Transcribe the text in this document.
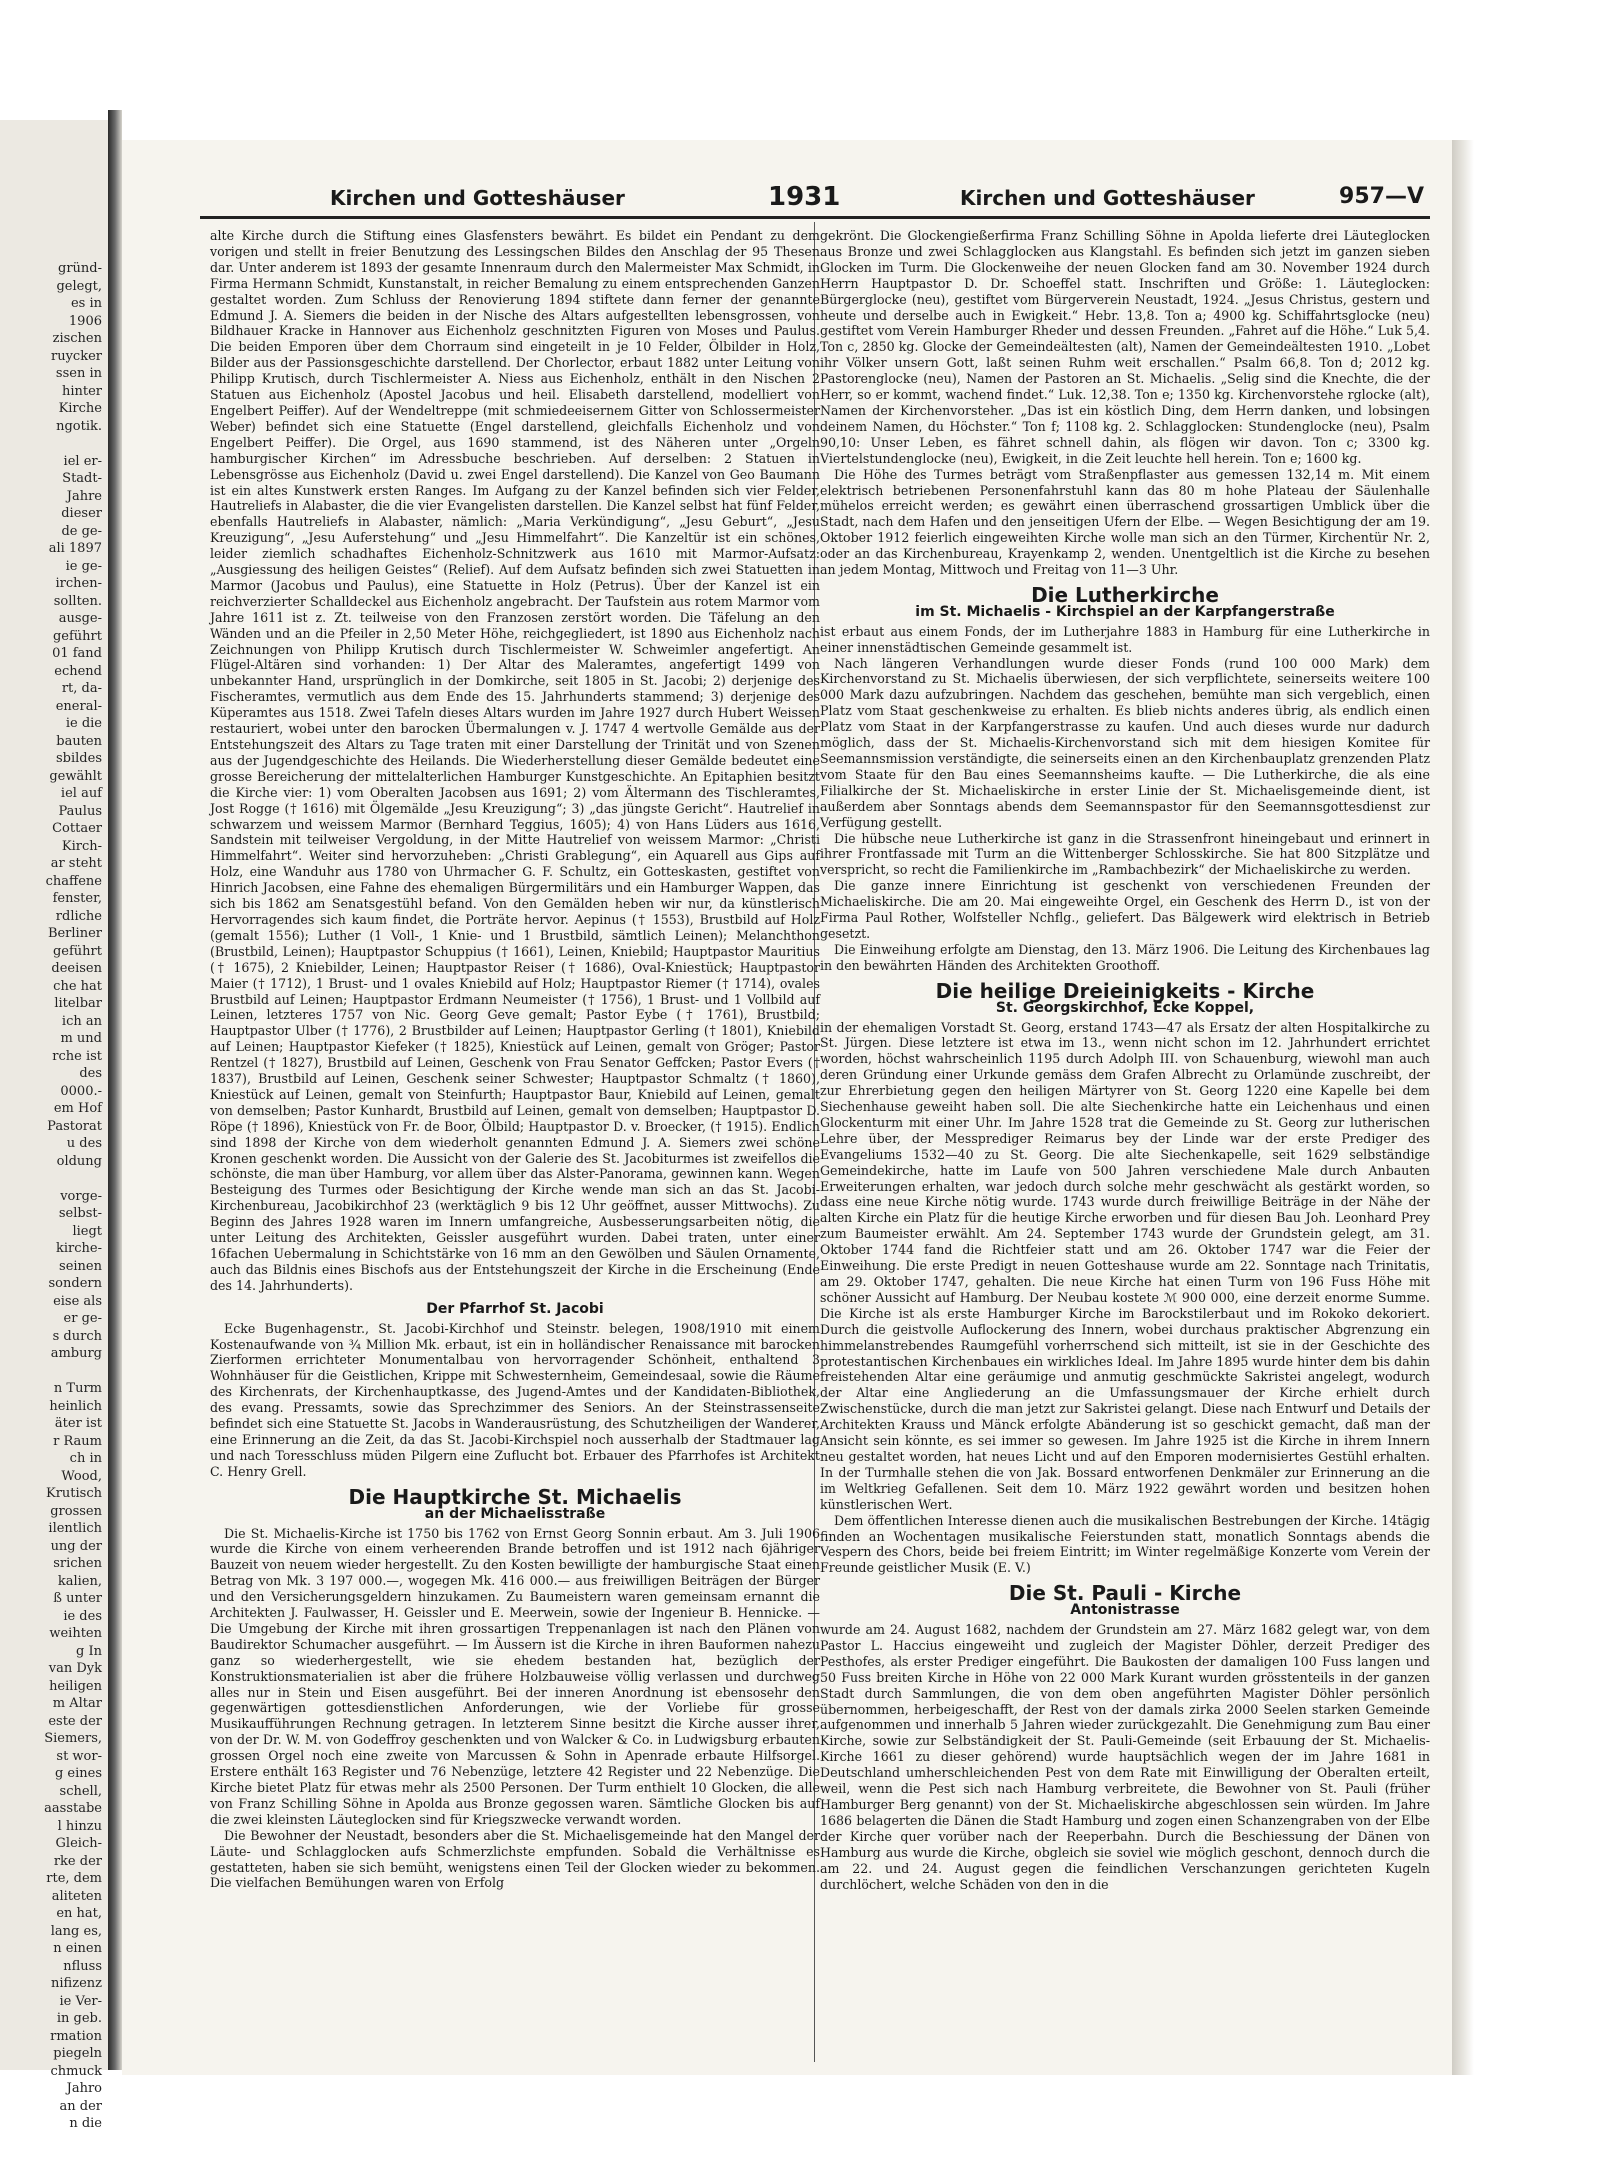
gründ-
gelegt,
es in
1906
zischen
ruycker
ssen in
hinter
Kirche
ngotik.

iel er-
Stadt-
Jahre
dieser
de ge-
ali 1897
ie ge-
irchen-
sollten.
ausge-
geführt
01 fand
echend
rt, da-
eneral-
ie die
bauten
sbildes
gewählt
iel auf
Paulus
Cottaer
Kirch-
ar steht
chaffene
fenster,
rdliche
Berliner
geführt
deeisen
che hat
litelbar
ich an
m und
rche ist
des
0000.-
em Hof
Pastorat
u des
oldung

vorge-
selbst-
liegt
kirche-
seinen
sondern
eise als
er ge-
s durch
amburg

n Turm
heinlich
äter ist
r Raum
ch in
Wood,
Krutisch
grossen
ilentlich
ung der
srichen
kalien,
ß unter
ie des
weihten
g In
van Dyk
heiligen
m Altar
este der
Siemers,
st wor-
g eines
schell,
aasstabe
l hinzu
Gleich-
rke der
rte, dem
aliteten
en hat,
lang es,
n einen
nfluss
nifizenz
ie Ver-
in geb.
rmation
piegeln
chmuck
Jahro
an der
n die
Kirchen und Gotteshäuser	1931	Kirchen und Gotteshäuser	957—V

alte Kirche durch die Stiftung eines Glasfensters bewährt. Es bildet ein Pendant zu dem vorigen und stellt in freier Benutzung des Lessingschen Bildes den Anschlag der 95 Thesen dar. Unter anderem ist 1893 der gesamte Innenraum durch den Malermeister Max Schmidt, in Firma Hermann Schmidt, Kunstanstalt, in reicher Bemalung zu einem entsprechenden Ganzen gestaltet worden. Zum Schluss der Renovierung 1894 stiftete dann ferner der genannte Edmund J. A. Siemers die beiden in der Nische des Altars aufgestellten lebensgrossen, von Bildhauer Kracke in Hannover aus Eichenholz geschnitzten Figuren von Moses und Paulus. Die beiden Emporen über dem Chorraum sind eingeteilt in je 10 Felder, Ölbilder in Holz, Bilder aus der Passionsgeschichte darstellend. Der Chorlector, erbaut 1882 unter Leitung von Philipp Krutisch, durch Tischlermeister A. Niess aus Eichenholz, enthält in den Nischen 2 Statuen aus Eichenholz (Apostel Jacobus und heil. Elisabeth darstellend, modelliert von Engelbert Peiffer). Auf der Wendeltreppe (mit schmiedeeisernem Gitter von Schlossermeister Weber) befindet sich eine Statuette (Engel darstellend, gleichfalls Eichenholz und von Engelbert Peiffer). Die Orgel, aus 1690 stammend, ist des Näheren unter „Orgeln hamburgischer Kirchen“ im Adressbuche beschrieben. Auf derselben: 2 Statuen in Lebensgrösse aus Eichenholz (David u. zwei Engel darstellend). Die Kanzel von Geo Baumann ist ein altes Kunstwerk ersten Ranges. Im Aufgang zu der Kanzel befinden sich vier Felder, Hautreliefs in Alabaster, die die vier Evangelisten darstellen. Die Kanzel selbst hat fünf Felder, ebenfalls Hautreliefs in Alabaster, nämlich: „Maria Verkündigung“, „Jesu Geburt“, „Jesu Kreuzigung“, „Jesu Auferstehung“ und „Jesu Himmelfahrt“. Die Kanzeltür ist ein schönes, leider ziemlich schadhaftes Eichenholz-Schnitzwerk aus 1610 mit Marmor-Aufsatz: „Ausgiessung des heiligen Geistes“ (Relief). Auf dem Aufsatz befinden sich zwei Statuetten in Marmor (Jacobus und Paulus), eine Statuette in Holz (Petrus). Über der Kanzel ist ein reichverzierter Schalldeckel aus Eichenholz angebracht. Der Taufstein aus rotem Marmor vom Jahre 1611 ist z. Zt. teilweise von den Franzosen zerstört worden. Die Täfelung an den Wänden und an die Pfeiler in 2,50 Meter Höhe, reichgegliedert, ist 1890 aus Eichenholz nach Zeichnungen von Philipp Krutisch durch Tischlermeister W. Schweimler angefertigt. An Flügel-Altären sind vorhanden: 1) Der Altar des Maleramtes, angefertigt 1499 von unbekannter Hand, ursprünglich in der Domkirche, seit 1805 in St. Jacobi; 2) derjenige des Fischeramtes, vermutlich aus dem Ende des 15. Jahrhunderts stammend; 3) derjenige des Küperamtes aus 1518. Zwei Tafeln dieses Altars wurden im Jahre 1927 durch Hubert Weissen restauriert, wobei unter den barocken Übermalungen v. J. 1747 4 wertvolle Gemälde aus der Entstehungszeit des Altars zu Tage traten mit einer Darstellung der Trinität und von Szenen aus der Jugendgeschichte des Heilands. Die Wiederherstellung dieser Gemälde bedeutet eine grosse Bereicherung der mittelalterlichen Hamburger Kunstgeschichte. An Epitaphien besitzt die Kirche vier: 1) vom Oberalten Jacobsen aus 1691; 2) vom Ältermann des Tischleramtes, Jost Rogge († 1616) mit Ölgemälde „Jesu Kreuzigung“; 3) „das jüngste Gericht“. Hautrelief in schwarzem und weissem Marmor (Bernhard Teggius, 1605); 4) von Hans Lüders aus 1616, Sandstein mit teilweiser Vergoldung, in der Mitte Hautrelief von weissem Marmor: „Christi Himmelfahrt“. Weiter sind hervorzuheben: „Christi Grablegung“, ein Aquarell aus Gips auf Holz, eine Wanduhr aus 1780 von Uhrmacher G. F. Schultz, ein Gotteskasten, gestiftet von Hinrich Jacobsen, eine Fahne des ehemaligen Bürgermilitärs und ein Hamburger Wappen, das sich bis 1862 am Senatsgestühl befand. Von den Gemälden heben wir nur, da künstlerisch Hervorragendes sich kaum findet, die Porträte hervor. Aepinus († 1553), Brustbild auf Holz (gemalt 1556); Luther (1 Voll-, 1 Knie- und 1 Brustbild, sämtlich Leinen); Melanchthon (Brustbild, Leinen); Hauptpastor Schuppius († 1661), Leinen, Kniebild; Hauptpastor Mauritius († 1675), 2 Kniebilder, Leinen; Hauptpastor Reiser († 1686), Oval-Kniestück; Hauptpastor Maier († 1712), 1 Brust- und 1 ovales Kniebild auf Holz; Hauptpastor Riemer († 1714), ovales Brustbild auf Leinen; Hauptpastor Erdmann Neumeister († 1756), 1 Brust- und 1 Vollbild auf Leinen, letzteres 1757 von Nic. Georg Geve gemalt; Pastor Eybe († 1761), Brustbild; Hauptpastor Ulber († 1776), 2 Brustbilder auf Leinen; Hauptpastor Gerling († 1801), Kniebild auf Leinen; Hauptpastor Kiefeker († 1825), Kniestück auf Leinen, gemalt von Gröger; Pastor Rentzel († 1827), Brustbild auf Leinen, Geschenk von Frau Senator Geffcken; Pastor Evers († 1837), Brustbild auf Leinen, Geschenk seiner Schwester; Hauptpastor Schmaltz († 1860), Kniestück auf Leinen, gemalt von Steinfurth; Hauptpastor Baur, Kniebild auf Leinen, gemalt von demselben; Pastor Kunhardt, Brustbild auf Leinen, gemalt von demselben; Hauptpastor D. Röpe († 1896), Kniestück von Fr. de Boor, Ölbild; Hauptpastor D. v. Broecker, († 1915). Endlich sind 1898 der Kirche von dem wiederholt genannten Edmund J. A. Siemers zwei schöne Kronen geschenkt worden. Die Aussicht von der Galerie des St. Jacobiturmes ist zweifellos die schönste, die man über Hamburg, vor allem über das Alster-Panorama, gewinnen kann. Wegen Besteigung des Turmes oder Besichtigung der Kirche wende man sich an das St. Jacobi-Kirchenbureau, Jacobikirchhof 23 (werktäglich 9 bis 12 Uhr geöffnet, ausser Mittwochs). Zu Beginn des Jahres 1928 waren im Innern umfangreiche, Ausbesserungsarbeiten nötig, die unter Leitung des Architekten, Geissler ausgeführt wurden. Dabei traten, unter einer 16fachen Uebermalung in Schichtstärke von 16 mm an den Gewölben und Säulen Ornamente, auch das Bildnis eines Bischofs aus der Entstehungszeit der Kirche in die Erscheinung (Ende des 14. Jahrhunderts).

Der Pfarrhof St. Jacobi

Ecke Bugenhagenstr., St. Jacobi-Kirchhof und Steinstr. belegen, 1908/1910 mit einem Kostenaufwande von ¾ Million Mk. erbaut, ist ein in holländischer Renaissance mit barocken Zierformen errichteter Monumentalbau von hervorragender Schönheit, enthaltend 3 Wohnhäuser für die Geistlichen, Krippe mit Schwesternheim, Gemeindesaal, sowie die Räume des Kirchenrats, der Kirchenhauptkasse, des Jugend-Amtes und der Kandidaten-Bibliothek, des evang. Pressamts, sowie das Sprechzimmer des Seniors. An der Steinstrassenseite befindet sich eine Statuette St. Jacobs in Wanderausrüstung, des Schutzheiligen der Wanderer, eine Erinnerung an die Zeit, da das St. Jacobi-Kirchspiel noch ausserhalb der Stadtmauer lag und nach Toresschluss müden Pilgern eine Zuflucht bot. Erbauer des Pfarrhofes ist Architekt C. Henry Grell.

Die Hauptkirche St. Michaelis
an der Michaelisstraße

Die St. Michaelis-Kirche ist 1750 bis 1762 von Ernst Georg Sonnin erbaut. Am 3. Juli 1906 wurde die Kirche von einem verheerenden Brande betroffen und ist 1912 nach 6jähriger Bauzeit von neuem wieder hergestellt. Zu den Kosten bewilligte der hamburgische Staat einen Betrag von Mk. 3 197 000.—, wogegen Mk. 416 000.— aus freiwilligen Beiträgen der Bürger und den Versicherungsgeldern hinzukamen. Zu Baumeistern waren gemeinsam ernannt die Architekten J. Faulwasser, H. Geissler und E. Meerwein, sowie der Ingenieur B. Hennicke. — Die Umgebung der Kirche mit ihren grossartigen Treppenanlagen ist nach den Plänen von Baudirektor Schumacher ausgeführt. — Im Äussern ist die Kirche in ihren Bauformen nahezu ganz so wiederhergestellt, wie sie ehedem bestanden hat, bezüglich der Konstruktionsmaterialien ist aber die frühere Holzbauweise völlig verlassen und durchweg alles nur in Stein und Eisen ausgeführt. Bei der inneren Anordnung ist ebensosehr den gegenwärtigen gottesdienstlichen Anforderungen, wie der Vorliebe für grosse Musikaufführungen Rechnung getragen. In letzterem Sinne besitzt die Kirche ausser ihrer, von der Dr. W. M. von Godeffroy geschenkten und von Walcker & Co. in Ludwigsburg erbauten grossen Orgel noch eine zweite von Marcussen & Sohn in Apenrade erbaute Hilfsorgel. Erstere enthält 163 Register und 76 Nebenzüge, letztere 42 Register und 22 Nebenzüge. Die Kirche bietet Platz für etwas mehr als 2500 Personen. Der Turm enthielt 10 Glocken, die alle von Franz Schilling Söhne in Apolda aus Bronze gegossen waren. Sämtliche Glocken bis auf die zwei kleinsten Läuteglocken sind für Kriegszwecke verwandt worden.

Die Bewohner der Neustadt, besonders aber die St. Michaelisgemeinde hat den Mangel der Läute- und Schlagglocken aufs Schmerzlichste empfunden. Sobald die Verhältnisse es gestatteten, haben sie sich bemüht, wenigstens einen Teil der Glocken wieder zu bekommen. Die vielfachen Bemühungen waren von Erfolg

gekrönt. Die Glockengießerfirma Franz Schilling Söhne in Apolda lieferte drei Läuteglocken aus Bronze und zwei Schlagglocken aus Klangstahl. Es befinden sich jetzt im ganzen sieben Glocken im Turm. Die Glockenweihe der neuen Glocken fand am 30. November 1924 durch Herrn Hauptpastor D. Dr. Schoeffel statt. Inschriften und Größe: 1. Läuteglocken: Bürgerglocke (neu), gestiftet vom Bürgerverein Neustadt, 1924. „Jesus Christus, gestern und heute und derselbe auch in Ewigkeit.“ Hebr. 13,8. Ton a; 4900 kg. Schiffahrtsglocke (neu) gestiftet vom Verein Hamburger Rheder und dessen Freunden. „Fahret auf die Höhe.“ Luk 5,4. Ton c, 2850 kg. Glocke der Gemeindeältesten (alt), Namen der Gemeindeältesten 1910. „Lobet ihr Völker unsern Gott, laßt seinen Ruhm weit erschallen.“ Psalm 66,8. Ton d; 2012 kg. Pastorenglocke (neu), Namen der Pastoren an St. Michaelis. „Selig sind die Knechte, die der Herr, so er kommt, wachend findet.“ Luk. 12,38. Ton e; 1350 kg. Kirchenvorstehe rglocke (alt), Namen der Kirchenvorsteher. „Das ist ein köstlich Ding, dem Herrn danken, und lobsingen deinem Namen, du Höchster.“ Ton f; 1108 kg. 2. Schlagglocken: Stundenglocke (neu), Psalm 90,10: Unser Leben, es fähret schnell dahin, als flögen wir davon. Ton c; 3300 kg. Viertelstundenglocke (neu), Ewigkeit, in die Zeit leuchte hell herein. Ton e; 1600 kg.

Die Höhe des Turmes beträgt vom Straßenpflaster aus gemessen 132,14 m. Mit einem elektrisch betriebenen Personenfahrstuhl kann das 80 m hohe Plateau der Säulenhalle mühelos erreicht werden; es gewährt einen überraschend grossartigen Umblick über die Stadt, nach dem Hafen und den jenseitigen Ufern der Elbe. — Wegen Besichtigung der am 19. Oktober 1912 feierlich eingeweihten Kirche wolle man sich an den Türmer, Kirchentür Nr. 2, oder an das Kirchenbureau, Krayenkamp 2, wenden. Unentgeltlich ist die Kirche zu besehen an jedem Montag, Mittwoch und Freitag von 11—3 Uhr.

Die Lutherkirche
im St. Michaelis - Kirchspiel an der Karpfangerstraße

ist erbaut aus einem Fonds, der im Lutherjahre 1883 in Hamburg für eine Lutherkirche in einer innenstädtischen Gemeinde gesammelt ist.

Nach längeren Verhandlungen wurde dieser Fonds (rund 100 000 Mark) dem Kirchenvorstand zu St. Michaelis überwiesen, der sich verpflichtete, seinerseits weitere 100 000 Mark dazu aufzubringen. Nachdem das geschehen, bemühte man sich vergeblich, einen Platz vom Staat geschenkweise zu erhalten. Es blieb nichts anderes übrig, als endlich einen Platz vom Staat in der Karpfangerstrasse zu kaufen. Und auch dieses wurde nur dadurch möglich, dass der St. Michaelis-Kirchenvorstand sich mit dem hiesigen Komitee für Seemannsmission verständigte, die seinerseits einen an den Kirchenbauplatz grenzenden Platz vom Staate für den Bau eines Seemannsheims kaufte. — Die Lutherkirche, die als eine Filialkirche der St. Michaeliskirche in erster Linie der St. Michaelisgemeinde dient, ist außerdem aber Sonntags abends dem Seemannspastor für den Seemannsgottesdienst zur Verfügung gestellt.

Die hübsche neue Lutherkirche ist ganz in die Strassenfront hineingebaut und erinnert in ihrer Frontfassade mit Turm an die Wittenberger Schlosskirche. Sie hat 800 Sitzplätze und verspricht, so recht die Familienkirche im „Rambachbezirk“ der Michaeliskirche zu werden.

Die ganze innere Einrichtung ist geschenkt von verschiedenen Freunden der Michaeliskirche. Die am 20. Mai eingeweihte Orgel, ein Geschenk des Herrn D., ist von der Firma Paul Rother, Wolfsteller Nchflg., geliefert. Das Bälgewerk wird elektrisch in Betrieb gesetzt.

Die Einweihung erfolgte am Dienstag, den 13. März 1906. Die Leitung des Kirchenbaues lag in den bewährten Händen des Architekten Groothoff.

Die heilige Dreieinigkeits - Kirche
St. Georgskirchhof, Ecke Koppel,

in der ehemaligen Vorstadt St. Georg, erstand 1743—47 als Ersatz der alten Hospitalkirche zu St. Jürgen. Diese letztere ist etwa im 13., wenn nicht schon im 12. Jahrhundert errichtet worden, höchst wahrscheinlich 1195 durch Adolph III. von Schauenburg, wiewohl man auch deren Gründung einer Urkunde gemäss dem Grafen Albrecht zu Orlamünde zuschreibt, der zur Ehrerbietung gegen den heiligen Märtyrer von St. Georg 1220 eine Kapelle bei dem Siechenhause geweiht haben soll. Die alte Siechenkirche hatte ein Leichenhaus und einen Glockenturm mit einer Uhr. Im Jahre 1528 trat die Gemeinde zu St. Georg zur lutherischen Lehre über, der Messprediger Reimarus bey der Linde war der erste Prediger des Evangeliums 1532—40 zu St. Georg. Die alte Siechenkapelle, seit 1629 selbständige Gemeindekirche, hatte im Laufe von 500 Jahren verschiedene Male durch Anbauten Erweiterungen erhalten, war jedoch durch solche mehr geschwächt als gestärkt worden, so dass eine neue Kirche nötig wurde. 1743 wurde durch freiwillige Beiträge in der Nähe der alten Kirche ein Platz für die heutige Kirche erworben und für diesen Bau Joh. Leonhard Prey zum Baumeister erwählt. Am 24. September 1743 wurde der Grundstein gelegt, am 31. Oktober 1744 fand die Richtfeier statt und am 26. Oktober 1747 war die Feier der Einweihung. Die erste Predigt in neuen Gotteshause wurde am 22. Sonntage nach Trinitatis, am 29. Oktober 1747, gehalten. Die neue Kirche hat einen Turm von 196 Fuss Höhe mit schöner Aussicht auf Hamburg. Der Neubau kostete ℳ 900 000, eine derzeit enorme Summe. Die Kirche ist als erste Hamburger Kirche im Barockstilerbaut und im Rokoko dekoriert. Durch die geistvolle Auflockerung des Innern, wobei durchaus praktischer Abgrenzung ein himmelanstrebendes Raumgefühl vorherrschend sich mitteilt, ist sie in der Geschichte des protestantischen Kirchenbaues ein wirkliches Ideal. Im Jahre 1895 wurde hinter dem bis dahin freistehenden Altar eine geräumige und anmutig geschmückte Sakristei angelegt, wodurch der Altar eine Angliederung an die Umfassungsmauer der Kirche erhielt durch Zwischenstücke, durch die man jetzt zur Sakristei gelangt. Diese nach Entwurf und Details der Architekten Krauss und Mänck erfolgte Abänderung ist so geschickt gemacht, daß man der Ansicht sein könnte, es sei immer so gewesen. Im Jahre 1925 ist die Kirche in ihrem Innern neu gestaltet worden, hat neues Licht und auf den Emporen modernisiertes Gestühl erhalten. In der Turmhalle stehen die von Jak. Bossard entworfenen Denkmäler zur Erinnerung an die im Weltkrieg Gefallenen. Seit dem 10. März 1922 gewährt worden und besitzen hohen künstlerischen Wert.

Dem öffentlichen Interesse dienen auch die musikalischen Bestrebungen der Kirche. 14tägig finden an Wochentagen musikalische Feierstunden statt, monatlich Sonntags abends die Vespern des Chors, beide bei freiem Eintritt; im Winter regelmäßige Konzerte vom Verein der Freunde geistlicher Musik (E. V.)

Die St. Pauli - Kirche
Antonistrasse

wurde am 24. August 1682, nachdem der Grundstein am 27. März 1682 gelegt war, von dem Pastor L. Haccius eingeweiht und zugleich der Magister Döhler, derzeit Prediger des Pesthofes, als erster Prediger eingeführt. Die Baukosten der damaligen 100 Fuss langen und 50 Fuss breiten Kirche in Höhe von 22 000 Mark Kurant wurden grösstenteils in der ganzen Stadt durch Sammlungen, die von dem oben angeführten Magister Döhler persönlich übernommen, herbeigeschafft, der Rest von der damals zirka 2000 Seelen starken Gemeinde aufgenommen und innerhalb 5 Jahren wieder zurückgezahlt. Die Genehmigung zum Bau einer Kirche, sowie zur Selbständigkeit der St. Pauli-Gemeinde (seit Erbauung der St. Michaelis-Kirche 1661 zu dieser gehörend) wurde hauptsächlich wegen der im Jahre 1681 in Deutschland umherschleichenden Pest von dem Rate mit Einwilligung der Oberalten erteilt, weil, wenn die Pest sich nach Hamburg verbreitete, die Bewohner von St. Pauli (früher Hamburger Berg genannt) von der St. Michaeliskirche abgeschlossen sein würden. Im Jahre 1686 belagerten die Dänen die Stadt Hamburg und zogen einen Schanzengraben von der Elbe der Kirche quer vorüber nach der Reeperbahn. Durch die Beschiessung der Dänen von Hamburg aus wurde die Kirche, obgleich sie soviel wie möglich geschont, dennoch durch die am 22. und 24. August gegen die feindlichen Verschanzungen gerichteten Kugeln durchlöchert, welche Schäden von den in die
